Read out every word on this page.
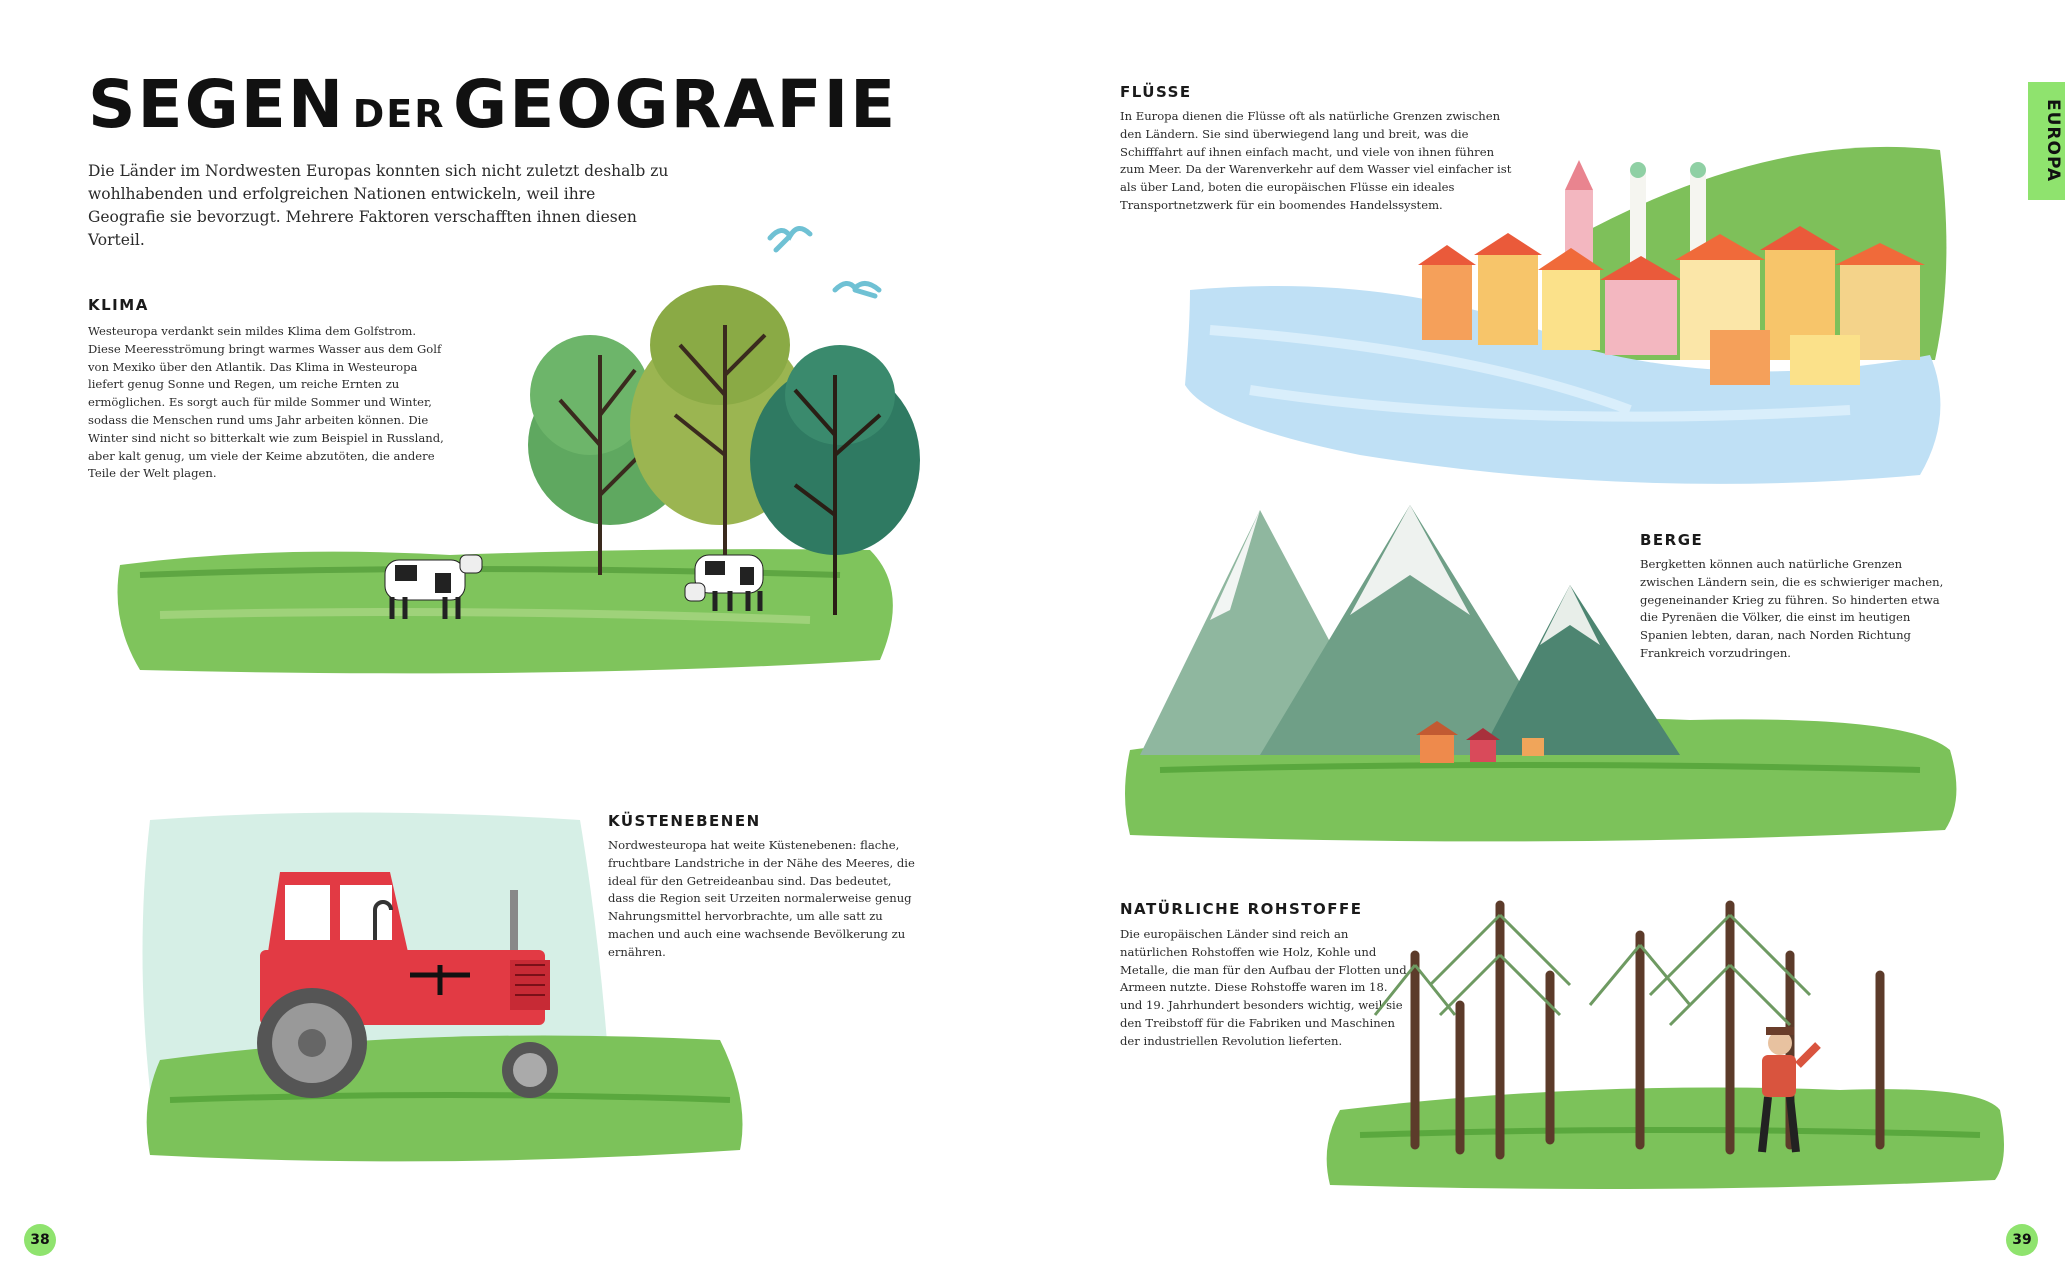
SEGEN DER GEOGRAFIE
Die Länder im Nordwesten Europas konnten sich nicht zuletzt deshalb zu wohlhabenden und erfolgreichen Nationen entwickeln, weil ihre Geografie sie bevorzugt. Mehrere Faktoren verschafften ihnen diesen Vorteil.
KLIMA
Westeuropa verdankt sein mildes Klima dem Golfstrom. Diese Meeresströmung bringt warmes Wasser aus dem Golf von Mexiko über den Atlantik. Das Klima in Westeuropa liefert genug Sonne und Regen, um reiche Ernten zu ermöglichen. Es sorgt auch für milde Sommer und Winter, sodass die Menschen rund ums Jahr arbeiten können. Die Winter sind nicht so bitterkalt wie zum Beispiel in Russland, aber kalt genug, um viele der Keime abzutöten, die andere Teile der Welt plagen.
KÜSTENEBENEN
Nordwesteuropa hat weite Küstenebenen: flache, fruchtbare Landstriche in der Nähe des Meeres, die ideal für den Getreideanbau sind. Das bedeutet, dass die Region seit Urzeiten normalerweise genug Nahrungsmittel hervorbrachte, um alle satt zu machen und auch eine wachsende Bevölkerung zu ernähren.
FLÜSSE
In Europa dienen die Flüsse oft als natürliche Grenzen zwischen den Ländern. Sie sind überwiegend lang und breit, was die Schifffahrt auf ihnen einfach macht, und viele von ihnen führen zum Meer. Da der Warenverkehr auf dem Wasser viel einfacher ist als über Land, boten die europäischen Flüsse ein ideales Transportnetzwerk für ein boomendes Handelssystem.
BERGE
Bergketten können auch natürliche Grenzen zwischen Ländern sein, die es schwieriger machen, gegeneinander Krieg zu führen. So hinderten etwa die Pyrenäen die Völker, die einst im heutigen Spanien lebten, daran, nach Norden Richtung Frankreich vorzudringen.
NATÜRLICHE ROHSTOFFE
Die europäischen Länder sind reich an natürlichen Rohstoffen wie Holz, Kohle und Metalle, die man für den Aufbau der Flotten und Armeen nutzte. Diese Rohstoffe waren im 18. und 19. Jahrhundert besonders wichtig, weil sie den Treibstoff für die Fabriken und Maschinen der industriellen Revolution lieferten.
EUROPA
38	39
